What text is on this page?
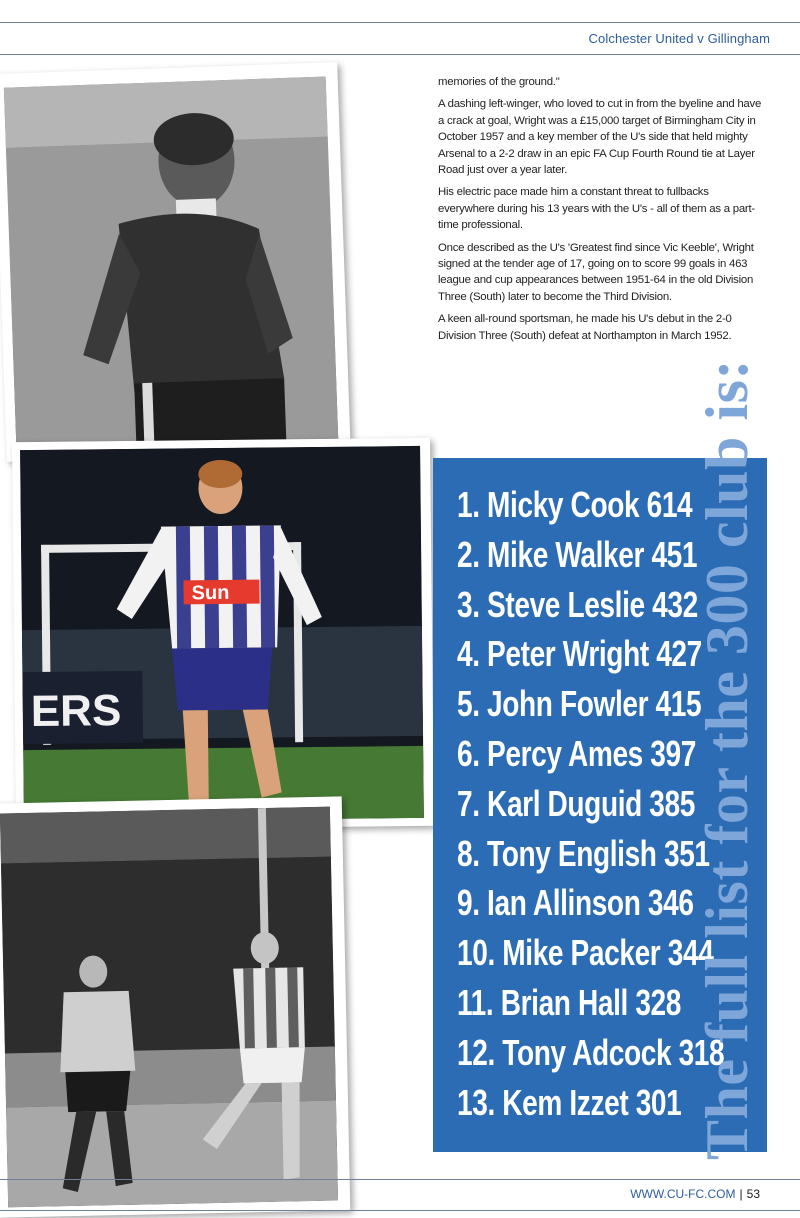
Colchester United v Gillingham
ERS
Sun

memories of the ground."

A dashing left-winger, who loved to cut in from the byeline and have a crack at goal, Wright was a £15,000 target of Birmingham City in October 1957 and a key member of the U's side that held mighty Arsenal to a 2-2 draw in an epic FA Cup Fourth Round tie at Layer Road just over a year later.

His electric pace made him a constant threat to fullbacks everywhere during his 13 years with the U's - all of them as a part-time professional.

Once described as the U's 'Greatest find since Vic Keeble', Wright signed at the tender age of 17, going on to score 99 goals in 463 league and cup appearances between 1951-64 in the old Division Three (South) later to become the Third Division.

A keen all-round sportsman, he made his U's debut in the 2-0 Division Three (South) defeat at Northampton in March 1952.

1. Micky Cook 614
2. Mike Walker 451
3. Steve Leslie 432
4. Peter Wright 427
5. John Fowler 415
6. Percy Ames 397
7. Karl Duguid 385
8. Tony English 351
9. Ian Allinson 346
10. Mike Packer 344
11. Brian Hall 328
12. Tony Adcock 318
13. Kem Izzet 301 The full list for the 300 club is:
WWW.CU-FC.COM | 53
